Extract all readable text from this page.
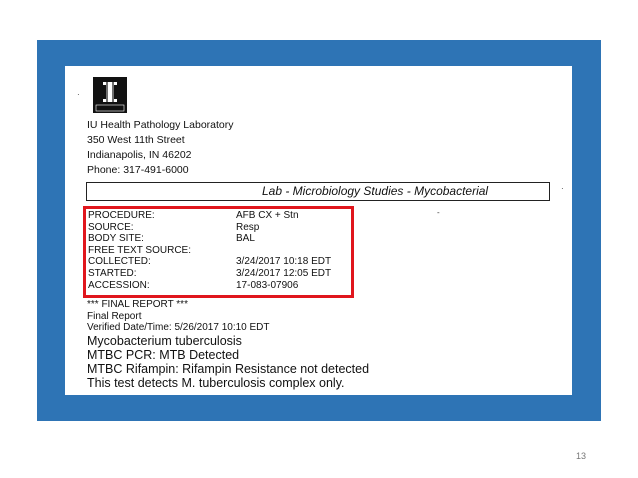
IU Health Pathology Laboratory
350 West 11th Street
Indianapolis, IN 46202
Phone: 317-491-6000
·
·
-
Lab - Microbiology Studies - Mycobacterial
PROCEDURE:	AFB CX + Stn
SOURCE:	Resp
BODY SITE:	BAL
FREE TEXT SOURCE:
COLLECTED:	3/24/2017 10:18 EDT
STARTED:	3/24/2017 12:05 EDT
ACCESSION:	17-083-07906
*** FINAL REPORT ***
Final Report
Verified Date/Time: 5/26/2017 10:10 EDT
Mycobacterium tuberculosis
MTBC PCR: MTB Detected
MTBC Rifampin: Rifampin Resistance not detected
This test detects M. tuberculosis complex only.
13
